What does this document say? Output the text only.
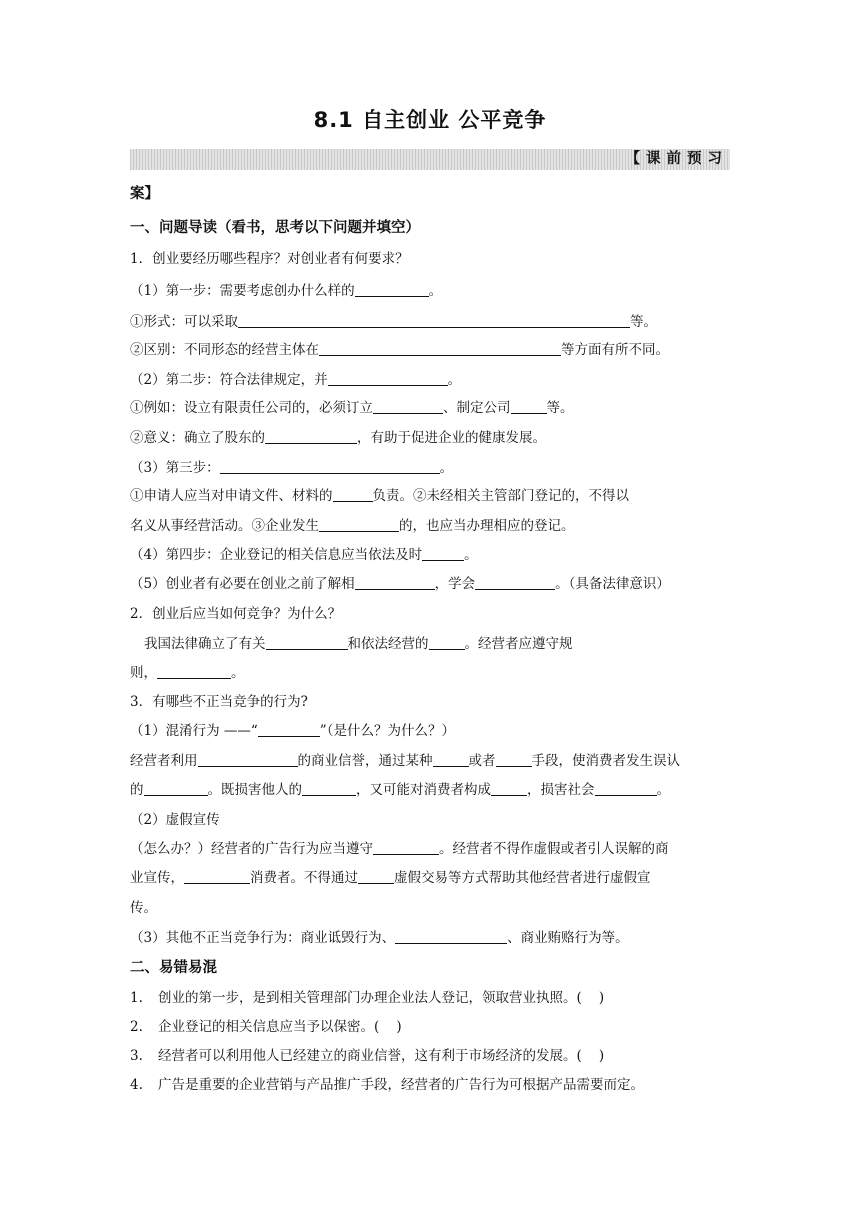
8.1 自主创业 公平竞争
【课前预习
案】
一、问题导读（看书，思考以下问题并填空）
1．创业要经历哪些程序？对创业者有何要求？
（1）第一步：需要考虑创办什么样的	。
①形式：可以采取	等。
②区别：不同形态的经营主体在	等方面有所不同。
（2）第二步：符合法律规定，并	。
①例如：设立有限责任公司的，必须订立	、制定公司	等。
②意义：确立了股东的	，有助于促进企业的健康发展。
（3）第三步：	。
①申请人应当对申请文件、材料的	负责。②未经相关主管部门登记的，不得以
名义从事经营活动。③企业发生	的，也应当办理相应的登记。
（4）第四步：企业登记的相关信息应当依法及时	。
（5）创业者有必要在创业之前了解相	，学会	。（具备法律意识）
2．创业后应当如何竞争？为什么？
我国法律确立了有关	和依法经营的	。经营者应遵守规
则，	。
3．有哪些不正当竞争的行为?
（1）混淆行为 ——“	”（是什么？为什么？）
经营者利用	的商业信誉，通过某种	或者	手段，使消费者发生误认
的	。既损害他人的	，又可能对消费者构成	，损害社会	。
（2）虚假宣传
（怎么办？）经营者的广告行为应当遵守	。经营者不得作虚假或者引人误解的商
业宣传，	消费者。不得通过	虚假交易等方式帮助其他经营者进行虚假宣
传。
（3）其他不正当竞争行为：商业诋毁行为、	、商业贿赂行为等。
二、易错易混
1. 创业的第一步，是到相关管理部门办理企业法人登记，领取营业执照。(    )
2. 企业登记的相关信息应当予以保密。(    )
3. 经营者可以利用他人已经建立的商业信誉，这有利于市场经济的发展。(    )
4. 广告是重要的企业营销与产品推广手段，经营者的广告行为可根据产品需要而定。
